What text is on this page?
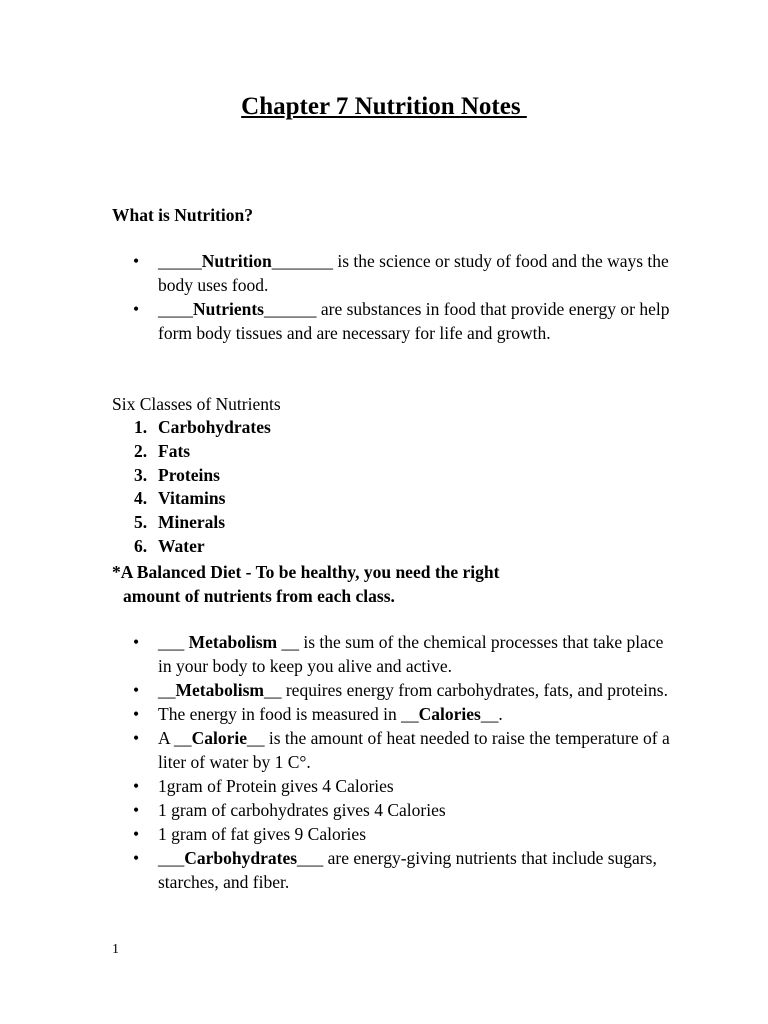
Chapter 7 Nutrition Notes
What is Nutrition?
• _____Nutrition_______ is the science or study of food and the ways the body uses food.
• ____Nutrients______ are substances in food that provide energy or help form body tissues and are necessary for life and growth.
Six Classes of Nutrients
1. Carbohydrates
2. Fats
3. Proteins
4. Vitamins
5. Minerals
6. Water
*A Balanced Diet - To be healthy, you need the right
amount of nutrients from each class.
• ___ Metabolism __ is the sum of the chemical processes that take place in your body to keep you alive and active.
• __Metabolism__ requires energy from carbohydrates, fats, and proteins.
• The energy in food is measured in __Calories__.
• A __Calorie__ is the amount of heat needed to raise the temperature of a liter of water by 1 C°.
• 1gram of Protein gives 4 Calories
• 1 gram of carbohydrates gives 4 Calories
• 1 gram of fat gives 9 Calories
• ___Carbohydrates___ are energy-giving nutrients that include sugars, starches, and fiber.
1
